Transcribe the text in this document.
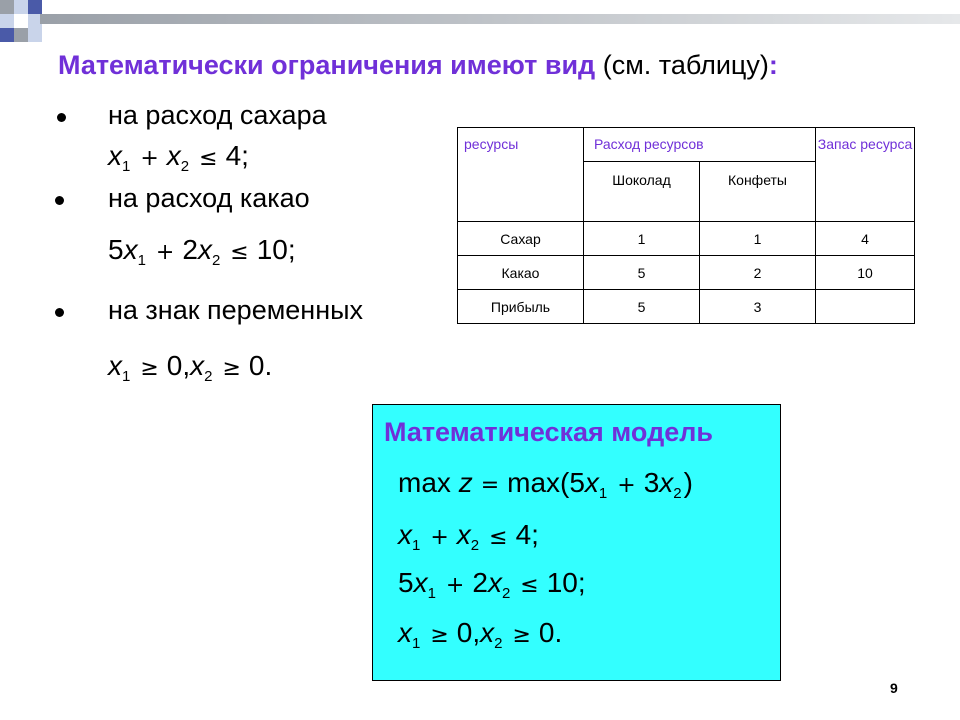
Математически ограничения имеют вид (см. таблицу):
на расход сахара
$x_1 + x_2 \le 4$;
на расход какао
$5x_1 + 2x_2 \le 10$;
на знак переменных
$x_1 \ge 0,x_2 \ge 0$.
ресурсы	Расход ресурсов		Запас ресурса
	Шоколад	Конфеты	
Сахар	1	1	4
Какао	5	2	10
Прибыль	5	3	
Математическая модель
$\max z = \max(5x_1 + 3x_2)$
$x_1 + x_2 \le 4$;
$5x_1 + 2x_2 \le 10$;
$x_1 \ge 0,x_2 \ge 0$.
9
